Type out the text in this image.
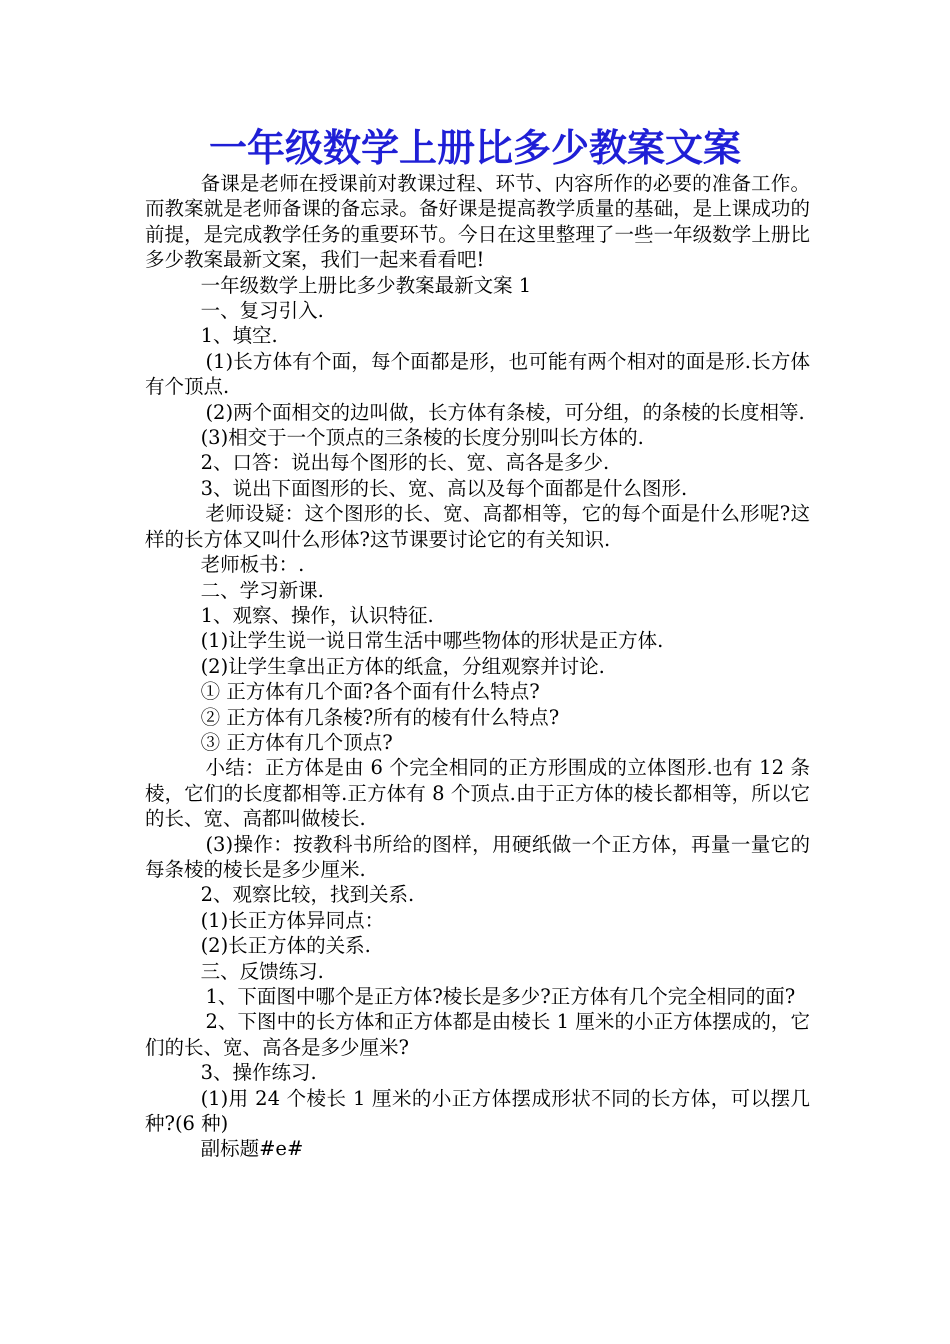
一年级数学上册比多少教案文案

备课是老师在授课前对教课过程、环节、内容所作的必要的准备工作。而教案就是老师备课的备忘录。备好课是提高教学质量的基础，是上课成功的前提，是完成教学任务的重要环节。今日在这里整理了一些一年级数学上册比多少教案最新文案，我们一起来看看吧!

一年级数学上册比多少教案最新文案 1

一、复习引入.

1、填空.

(1)长方体有个面，每个面都是形，也可能有两个相对的面是形.长方体有个顶点.

(2)两个面相交的边叫做，长方体有条棱，可分组，的条棱的长度相等.

(3)相交于一个顶点的三条棱的长度分别叫长方体的.

2、口答：说出每个图形的长、宽、高各是多少.

3、说出下面图形的长、宽、高以及每个面都是什么图形.

老师设疑：这个图形的长、宽、高都相等，它的每个面是什么形呢?这样的长方体又叫什么形体?这节课要讨论它的有关知识.

老师板书：.

二、学习新课.

1、观察、操作，认识特征.

(1)让学生说一说日常生活中哪些物体的形状是正方体.

(2)让学生拿出正方体的纸盒，分组观察并讨论.

① 正方体有几个面?各个面有什么特点?

② 正方体有几条棱?所有的棱有什么特点?

③ 正方体有几个顶点?

小结：正方体是由 6 个完全相同的正方形围成的立体图形.也有 12 条棱，它们的长度都相等.正方体有 8 个顶点.由于正方体的棱长都相等，所以它的长、宽、高都叫做棱长.

(3)操作：按教科书所给的图样，用硬纸做一个正方体，再量一量它的每条棱的棱长是多少厘米.

2、观察比较，找到关系.

(1)长正方体异同点：

(2)长正方体的关系.

三、反馈练习.

1、下面图中哪个是正方体?棱长是多少?正方体有几个完全相同的面?

2、下图中的长方体和正方体都是由棱长 1 厘米的小正方体摆成的，它们的长、宽、高各是多少厘米?

3、操作练习.

(1)用 24 个棱长 1 厘米的小正方体摆成形状不同的长方体，可以摆几种?(6 种)

副标题#e#
